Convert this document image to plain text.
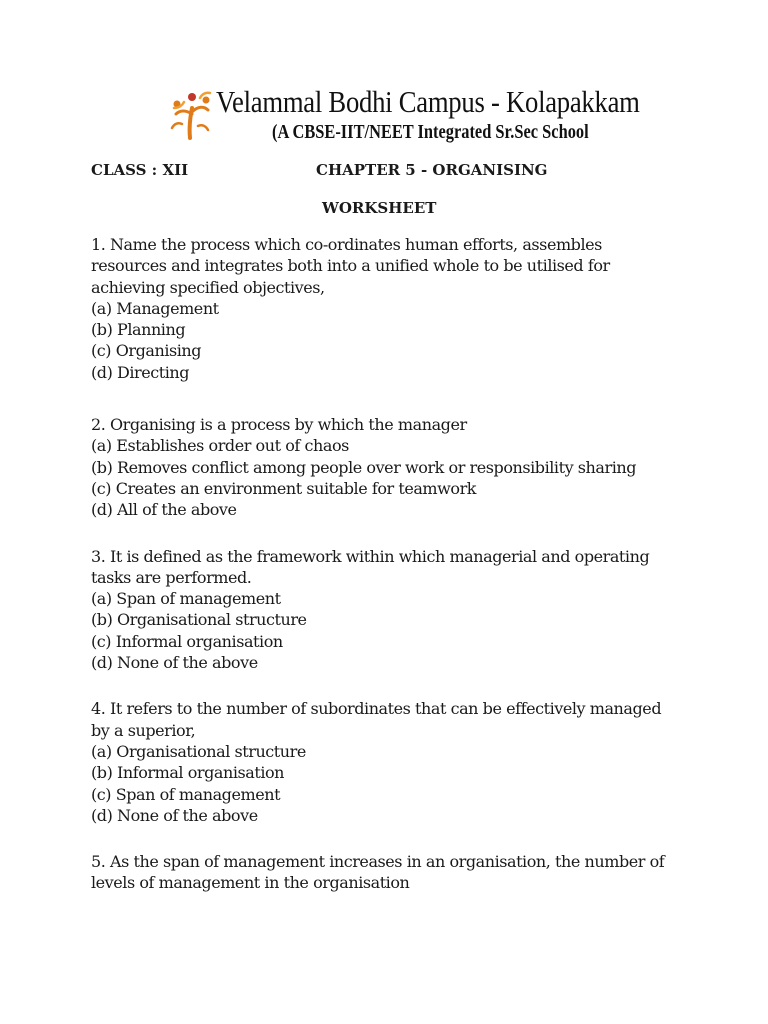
Velammal Bodhi Campus - Kolapakkam
(A CBSE-IIT/NEET Integrated Sr.Sec School
CLASS : XII	CHAPTER 5 - ORGANISING
WORKSHEET
1. Name the process which co-ordinates human efforts, assembles resources and integrates both into a unified whole to be utilised for achieving specified objectives,
(a) Management
(b) Planning
(c) Organising
(d) Directing
2. Organising is a process by which the manager
(a) Establishes order out of chaos
(b) Removes conflict among people over work or responsibility sharing
(c) Creates an environment suitable for teamwork
(d) All of the above
3. It is defined as the framework within which managerial and operating tasks are performed.
(a) Span of management
(b) Organisational structure
(c) Informal organisation
(d) None of the above
4. It refers to the number of subordinates that can be effectively managed by a superior,
(a) Organisational structure
(b) Informal organisation
(c) Span of management
(d) None of the above
5. As the span of management increases in an organisation, the number of levels of management in the organisation
